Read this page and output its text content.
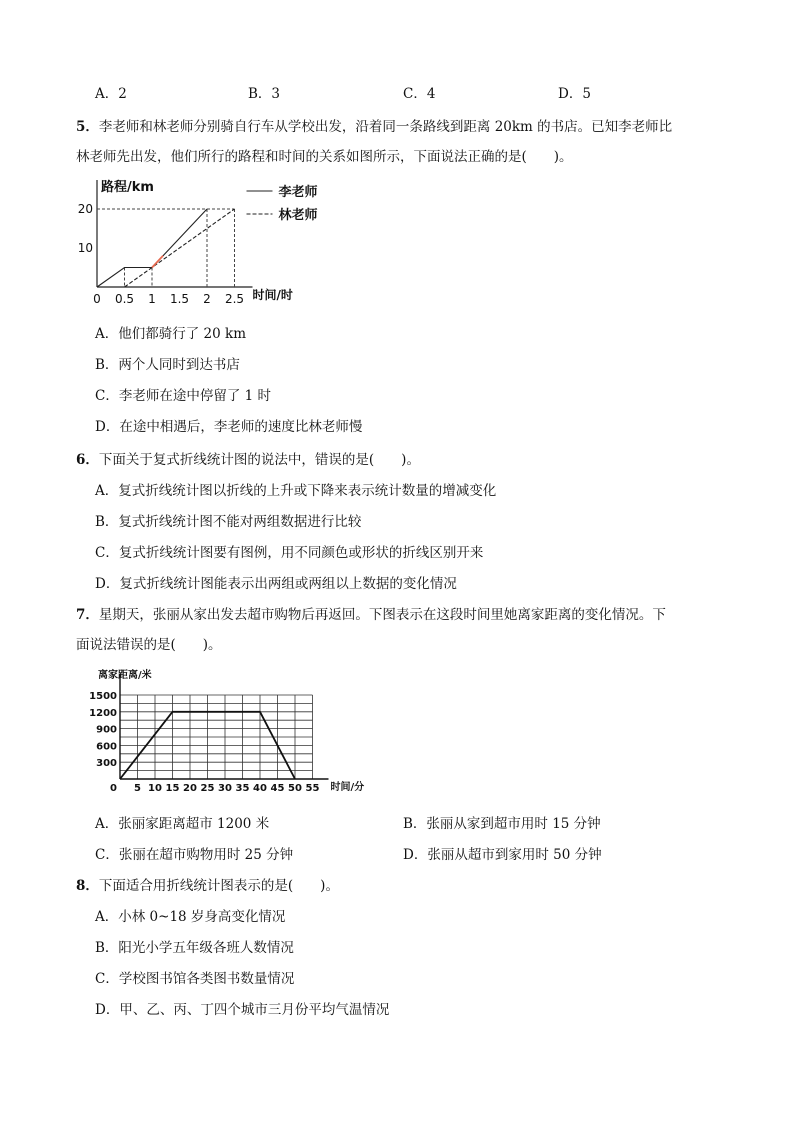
A．2	B．3	C．4	D．5
5．李老师和林老师分别骑自行车从学校出发，沿着同一条路线到距离 20km 的书店。已知李老师比
林老师先出发，他们所行的路程和时间的关系如图所示，下面说法正确的是(　　)。
路程/km
时间/时
0 0.5 1 1.5 2 2.5
10
20
李老师
林老师
A．他们都骑行了 20 km
B．两个人同时到达书店
C．李老师在途中停留了 1 时
D．在途中相遇后，李老师的速度比林老师慢
6．下面关于复式折线统计图的说法中，错误的是(　　)。
A．复式折线统计图以折线的上升或下降来表示统计数量的增减变化
B．复式折线统计图不能对两组数据进行比较
C．复式折线统计图要有图例，用不同颜色或形状的折线区别开来
D．复式折线统计图能表示出两组或两组以上数据的变化情况
7．星期天，张丽从家出发去超市购物后再返回。下图表示在这段时间里她离家距离的变化情况。下
面说法错误的是(　　)。
离家距离/米
时间/分
0 5 10 15 20 25 30 35 40 45 50 55
300
600
900
1200
1500
A．张丽家距离超市 1200 米	B．张丽从家到超市用时 15 分钟
C．张丽在超市购物用时 25 分钟	D．张丽从超市到家用时 50 分钟
8．下面适合用折线统计图表示的是(　　)。
A．小林 0~18 岁身高变化情况
B．阳光小学五年级各班人数情况
C．学校图书馆各类图书数量情况
D．甲、乙、丙、丁四个城市三月份平均气温情况
